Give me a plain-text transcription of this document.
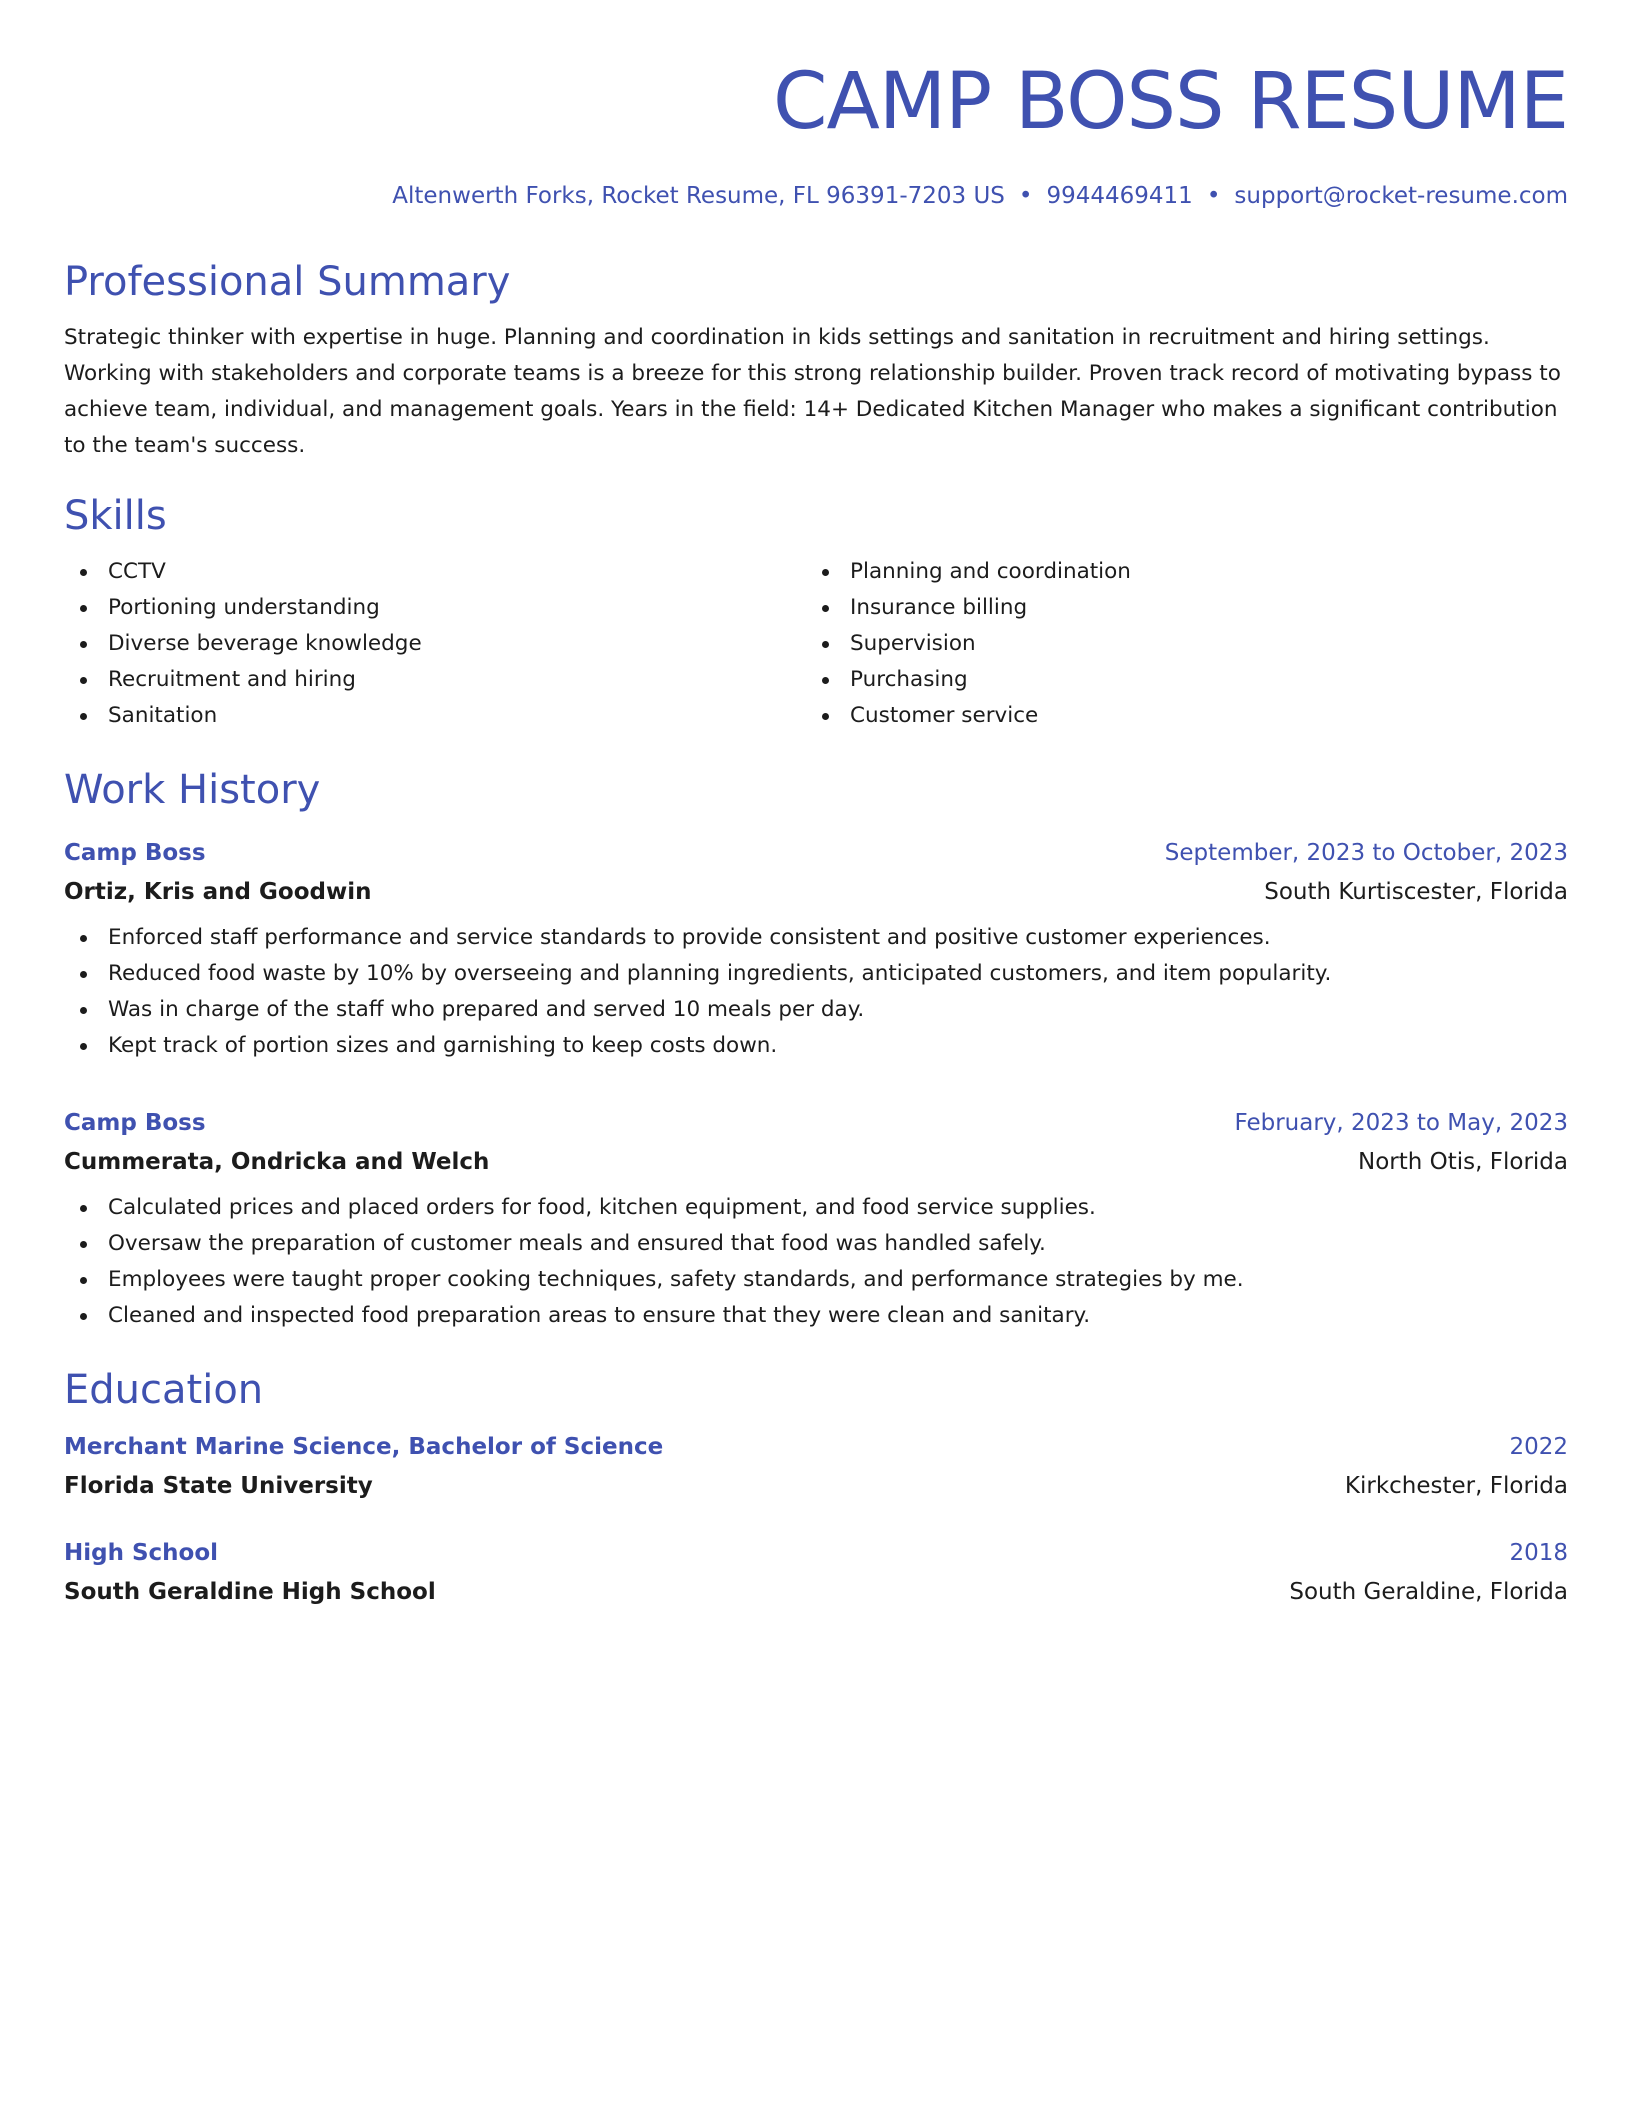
CAMP BOSS RESUME
Altenwerth Forks, Rocket Resume, FL 96391-7203 US • 9944469411 • support@rocket-resume.com
Professional Summary
Strategic thinker with expertise in huge. Planning and coordination in kids settings and sanitation in recruitment and hiring settings. Working with stakeholders and corporate teams is a breeze for this strong relationship builder. Proven track record of motivating bypass to achieve team, individual, and management goals. Years in the field: 14+ Dedicated Kitchen Manager who makes a significant contribution to the team's success.
Skills
CCTV
Portioning understanding
Diverse beverage knowledge
Recruitment and hiring
Sanitation
Planning and coordination
Insurance billing
Supervision
Purchasing
Customer service
Work History
Camp Boss	September, 2023 to October, 2023
Ortiz, Kris and Goodwin	South Kurtiscester, Florida
Enforced staff performance and service standards to provide consistent and positive customer experiences.
Reduced food waste by 10% by overseeing and planning ingredients, anticipated customers, and item popularity.
Was in charge of the staff who prepared and served 10 meals per day.
Kept track of portion sizes and garnishing to keep costs down.
Camp Boss	February, 2023 to May, 2023
Cummerata, Ondricka and Welch	North Otis, Florida
Calculated prices and placed orders for food, kitchen equipment, and food service supplies.
Oversaw the preparation of customer meals and ensured that food was handled safely.
Employees were taught proper cooking techniques, safety standards, and performance strategies by me.
Cleaned and inspected food preparation areas to ensure that they were clean and sanitary.
Education
Merchant Marine Science, Bachelor of Science	2022
Florida State University	Kirkchester, Florida
High School	2018
South Geraldine High School	South Geraldine, Florida
